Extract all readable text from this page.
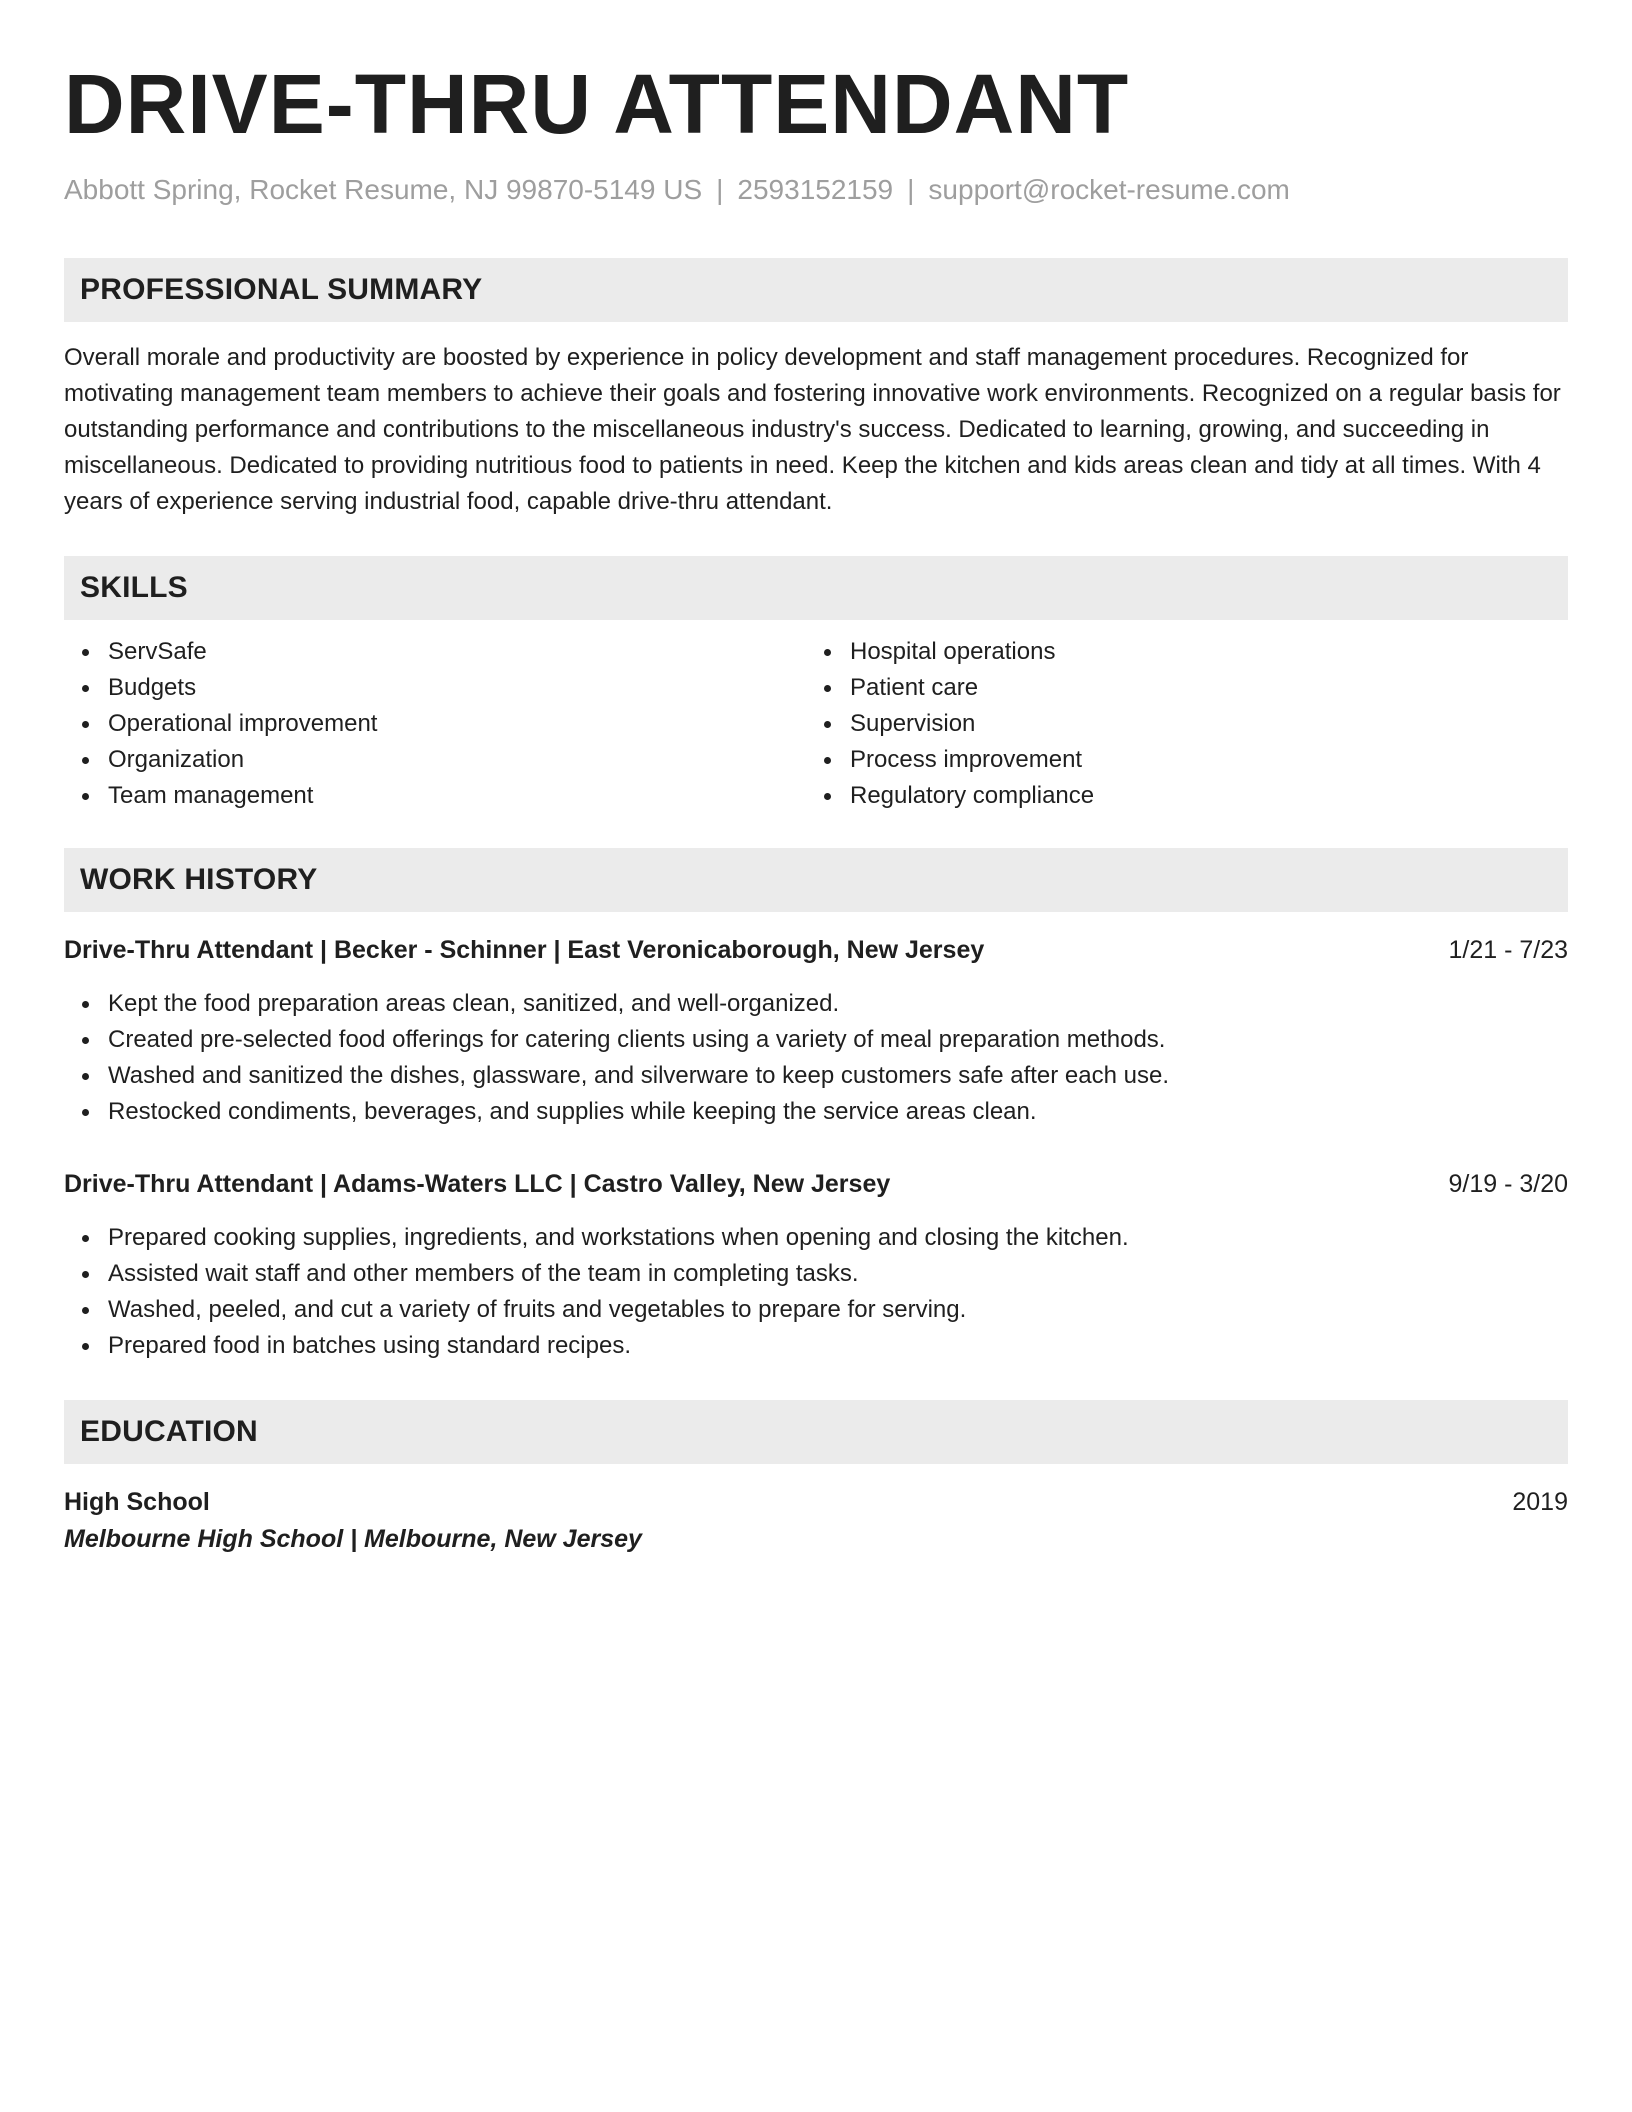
DRIVE-THRU ATTENDANT
Abbott Spring, Rocket Resume, NJ 99870-5149 US | 2593152159 | support@rocket-resume.com
PROFESSIONAL SUMMARY

Overall morale and productivity are boosted by experience in policy development and staff management procedures. Recognized for motivating management team members to achieve their goals and fostering innovative work environments. Recognized on a regular basis for outstanding performance and contributions to the miscellaneous industry's success. Dedicated to learning, growing, and succeeding in miscellaneous. Dedicated to providing nutritious food to patients in need. Keep the kitchen and kids areas clean and tidy at all times. With 4 years of experience serving industrial food, capable drive-thru attendant.

SKILLS
ServSafe
Budgets
Operational improvement
Organization
Team management
Hospital operations
Patient care
Supervision
Process improvement
Regulatory compliance
WORK HISTORY
Drive-Thru Attendant | Becker - Schinner | East Veronicaborough, New Jersey	1/21 - 7/23
Kept the food preparation areas clean, sanitized, and well-organized.
Created pre-selected food offerings for catering clients using a variety of meal preparation methods.
Washed and sanitized the dishes, glassware, and silverware to keep customers safe after each use.
Restocked condiments, beverages, and supplies while keeping the service areas clean.
Drive-Thru Attendant | Adams-Waters LLC | Castro Valley, New Jersey	9/19 - 3/20
Prepared cooking supplies, ingredients, and workstations when opening and closing the kitchen.
Assisted wait staff and other members of the team in completing tasks.
Washed, peeled, and cut a variety of fruits and vegetables to prepare for serving.
Prepared food in batches using standard recipes.
EDUCATION
High School	2019
Melbourne High School | Melbourne, New Jersey
